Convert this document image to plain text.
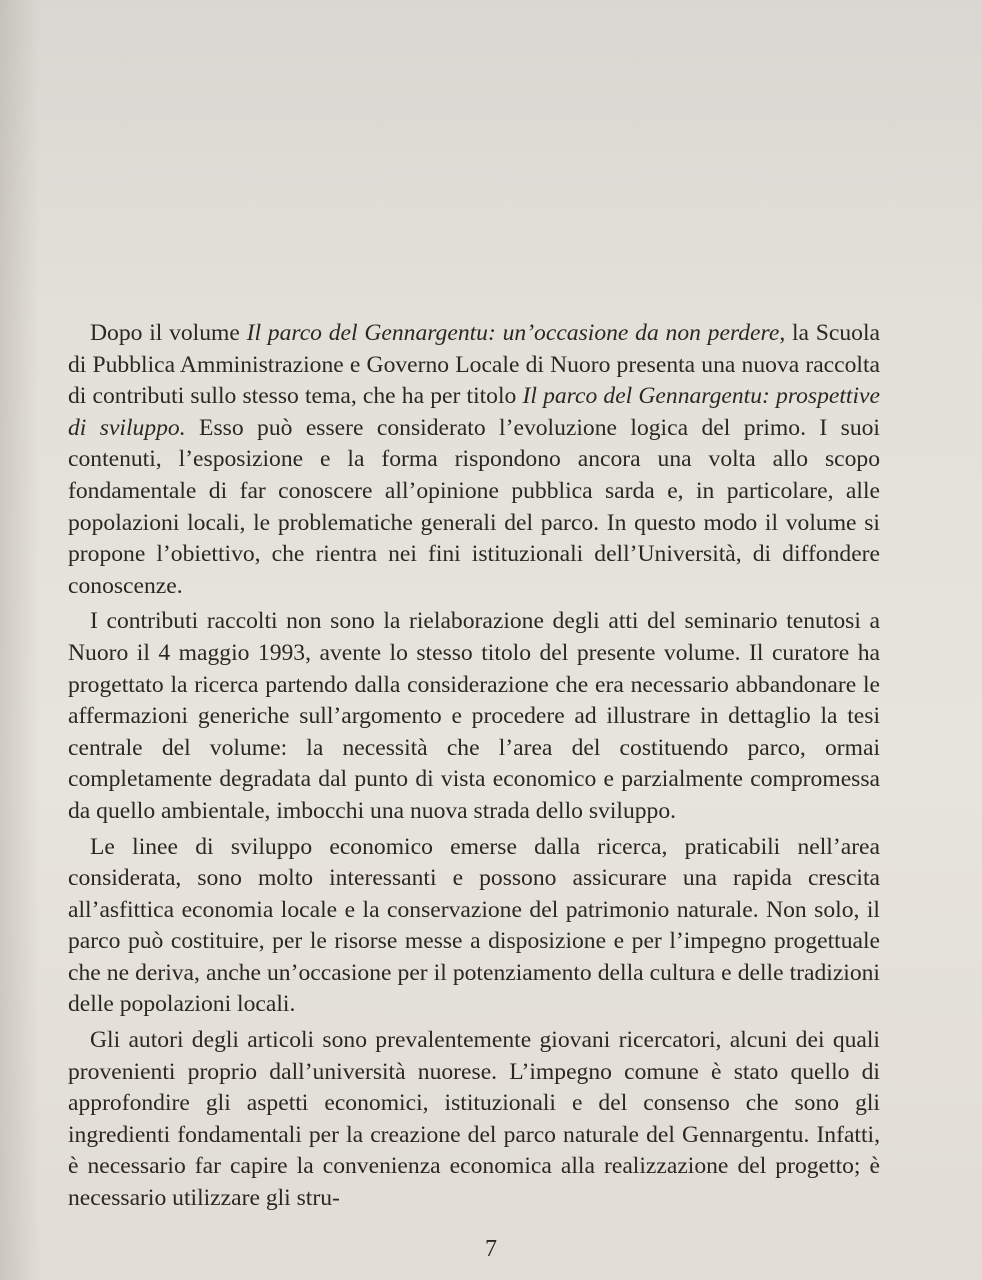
Dopo il volume Il parco del Gennargentu: un’occasione da non perdere, la Scuola di Pubblica Amministrazione e Governo Locale di Nuoro presenta una nuova raccolta di contributi sullo stesso tema, che ha per titolo Il parco del Gennargentu: prospettive di sviluppo. Esso può essere considerato l’evoluzione logica del primo. I suoi contenuti, l’esposizione e la forma rispondono ancora una volta allo scopo fondamentale di far conoscere all’opinione pubblica sarda e, in particolare, alle popolazioni locali, le problematiche generali del parco. In questo modo il volume si propone l’obiettivo, che rientra nei fini istituzionali dell’Università, di diffondere conoscenze.

I contributi raccolti non sono la rielaborazione degli atti del seminario tenutosi a Nuoro il 4 maggio 1993, avente lo stesso titolo del presente volume. Il curatore ha progettato la ricerca partendo dalla considerazione che era necessario abbandonare le affermazioni generiche sull’argomento e procedere ad illustrare in dettaglio la tesi centrale del volume: la necessità che l’area del costituendo parco, ormai completamente degradata dal punto di vista economico e parzialmente compromessa da quello ambientale, imbocchi una nuova strada dello sviluppo.

Le linee di sviluppo economico emerse dalla ricerca, praticabili nell’area considerata, sono molto interessanti e possono assicurare una rapida crescita all’asfittica economia locale e la conservazione del patrimonio naturale. Non solo, il parco può costituire, per le risorse messe a disposizione e per l’impegno progettuale che ne deriva, anche un’occasione per il potenziamento della cultura e delle tradizioni delle popolazioni locali.

Gli autori degli articoli sono prevalentemente giovani ricercatori, alcuni dei quali provenienti proprio dall’università nuorese. L’impegno comune è stato quello di approfondire gli aspetti economici, istituzionali e del consenso che sono gli ingredienti fondamentali per la creazione del parco naturale del Gennargentu. Infatti, è necessario far capire la convenienza economica alla realizzazione del progetto; è necessario utilizzare gli stru-

7
